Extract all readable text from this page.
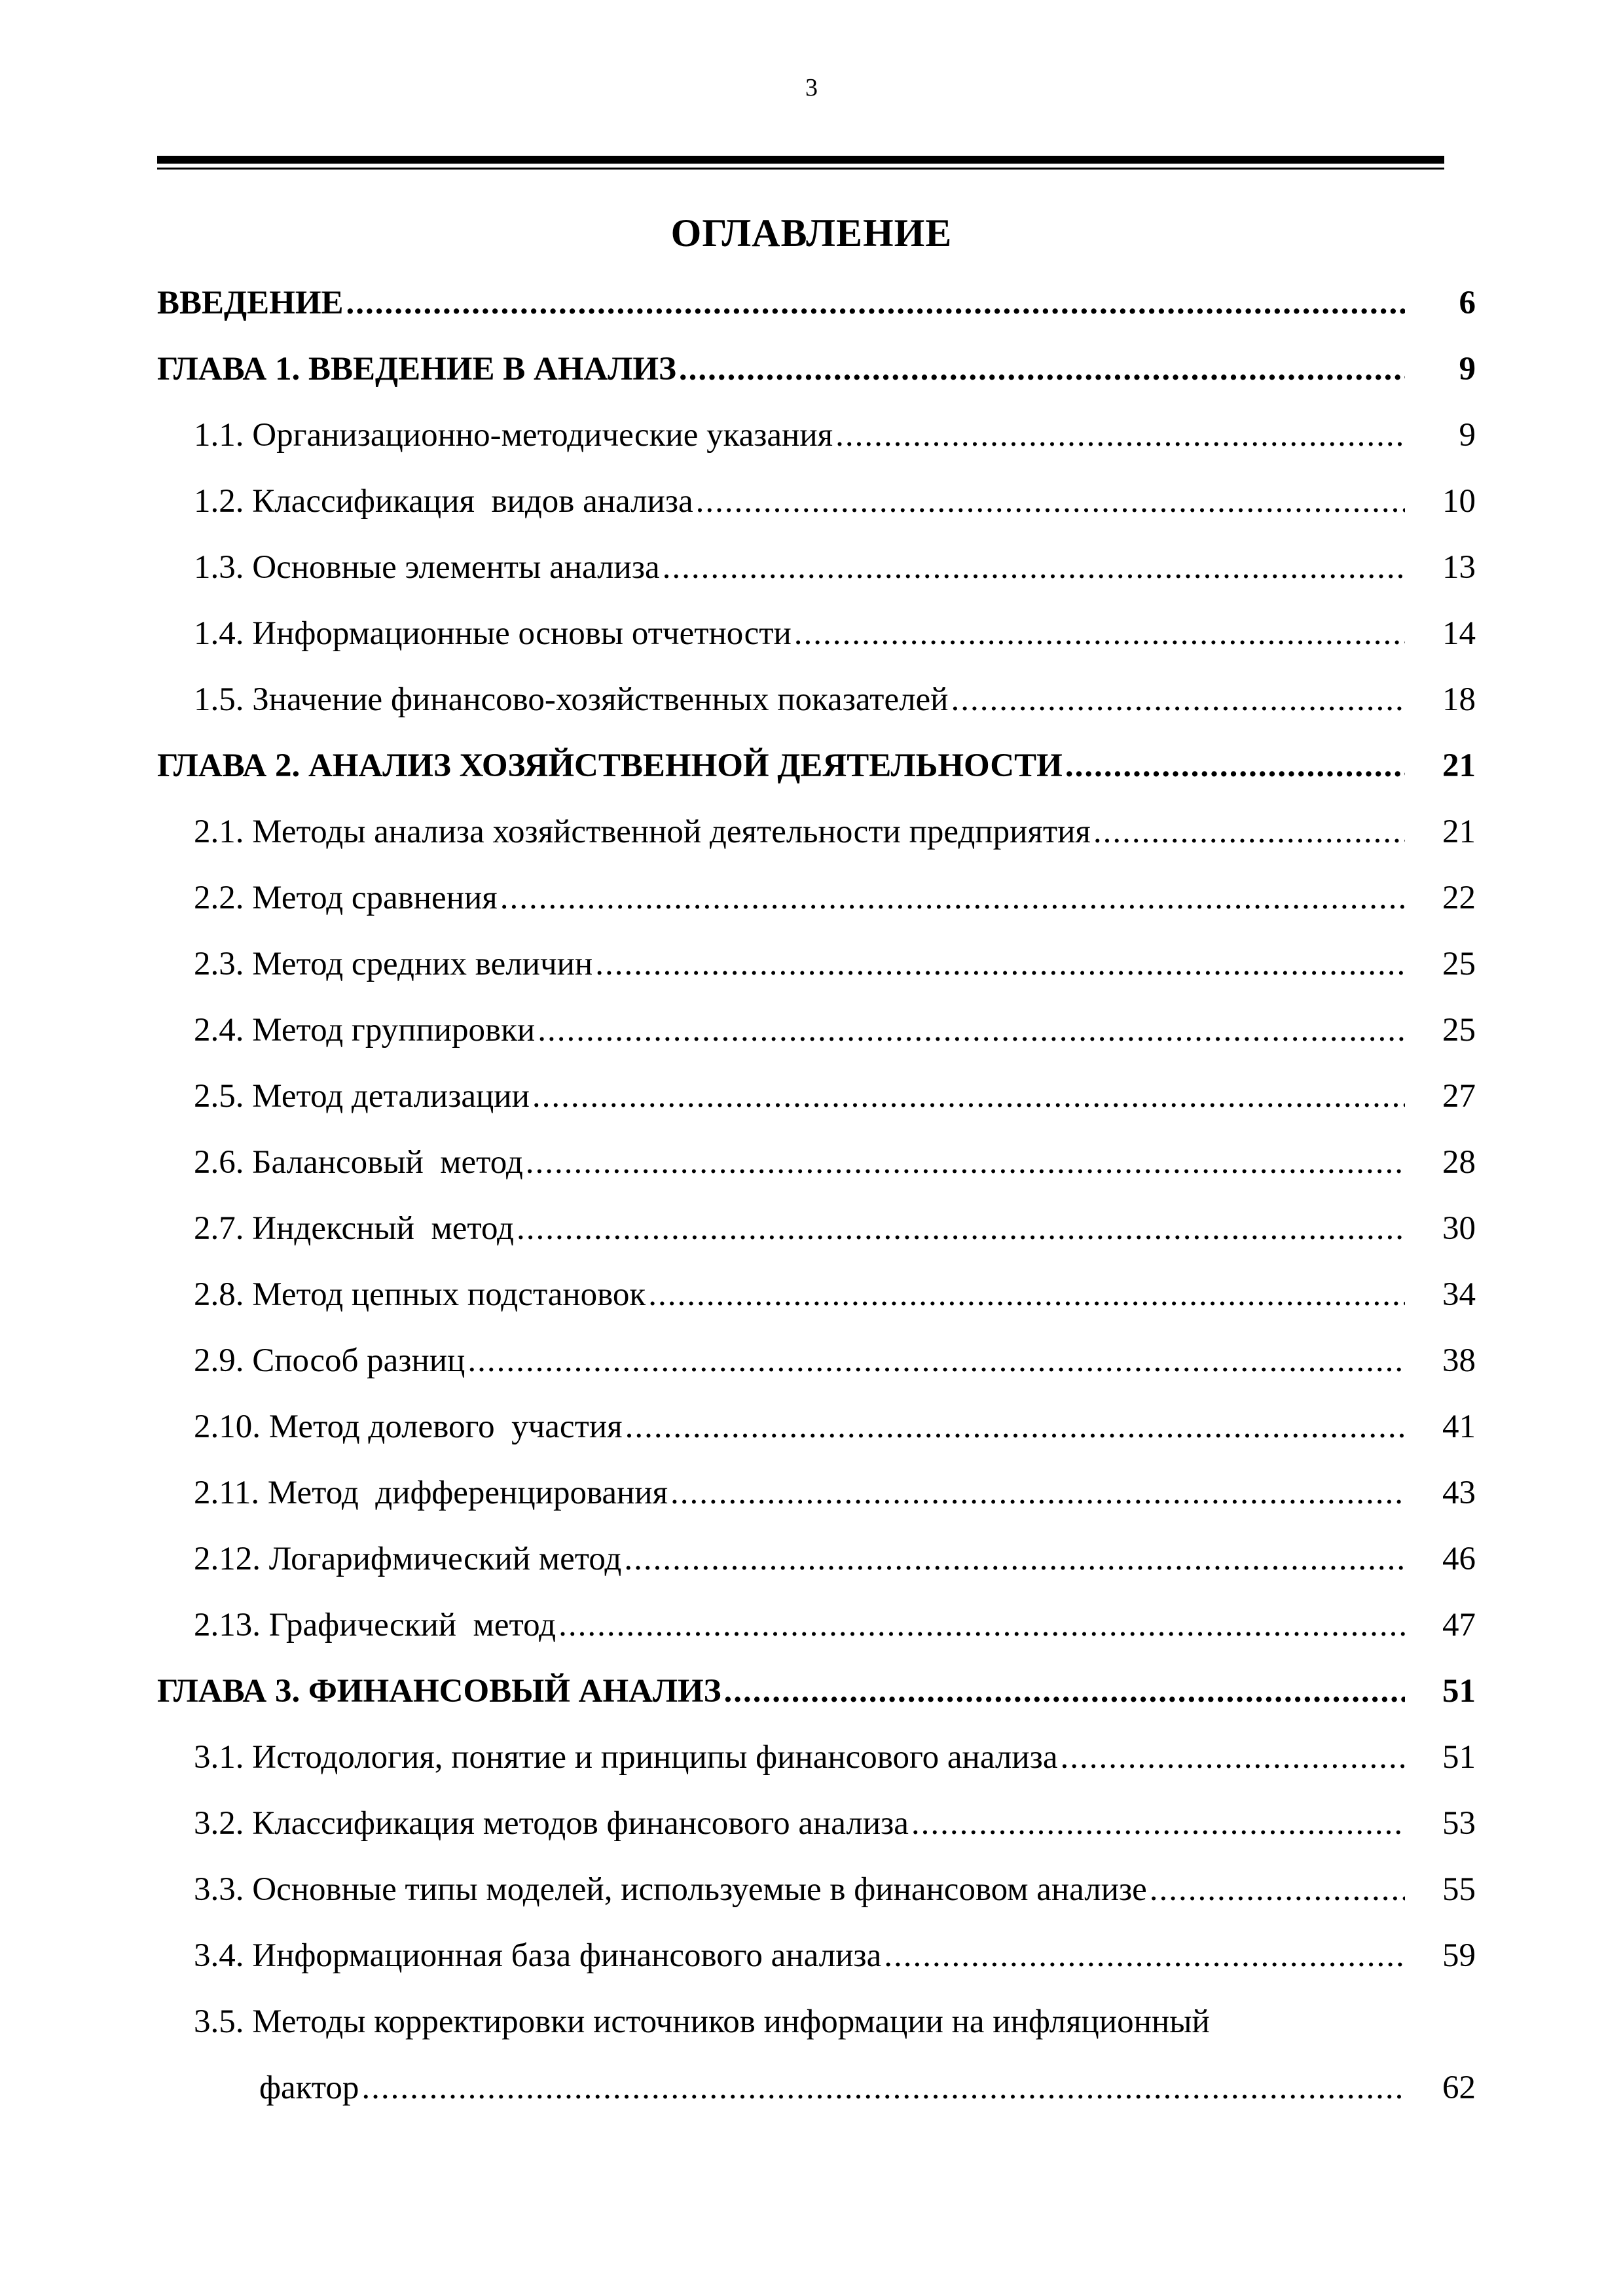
3
ОГЛАВЛЕНИЕ
ВВЕДЕНИЕ .....	6
ГЛАВА 1. ВВЕДЕНИЕ В АНАЛИЗ .....	9
1.1. Организационно-методические указания .....	9
1.2. Классификация  видов анализа .....	10
1.3. Основные элементы анализа .....	13
1.4. Информационные основы отчетности .....	14
1.5. Значение финансово-хозяйственных показателей .....	18
ГЛАВА 2. АНАЛИЗ ХОЗЯЙСТВЕННОЙ ДЕЯТЕЛЬНОСТИ .....	21
2.1. Методы анализа хозяйственной деятельности предприятия .....	21
2.2. Метод сравнения .....	22
2.3. Метод средних величин .....	25
2.4. Метод группировки .....	25
2.5. Метод детализации .....	27
2.6. Балансовый  метод .....	28
2.7. Индексный  метод .....	30
2.8. Метод цепных подстановок .....	34
2.9. Способ разниц .....	38
2.10. Метод долевого  участия .....	41
2.11. Метод  дифференцирования .....	43
2.12. Логарифмический метод .....	46
2.13. Графический  метод .....	47
ГЛАВА 3. ФИНАНСОВЫЙ АНАЛИЗ .....	51
3.1. Истодология, понятие и принципы финансового анализа .....	51
3.2. Классификация методов финансового анализа .....	53
3.3. Основные типы моделей, используемые в финансовом анализе .....	55
3.4. Информационная база финансового анализа .....	59
3.5. Методы корректировки источников информации на инфляционный
фактор .....	62
